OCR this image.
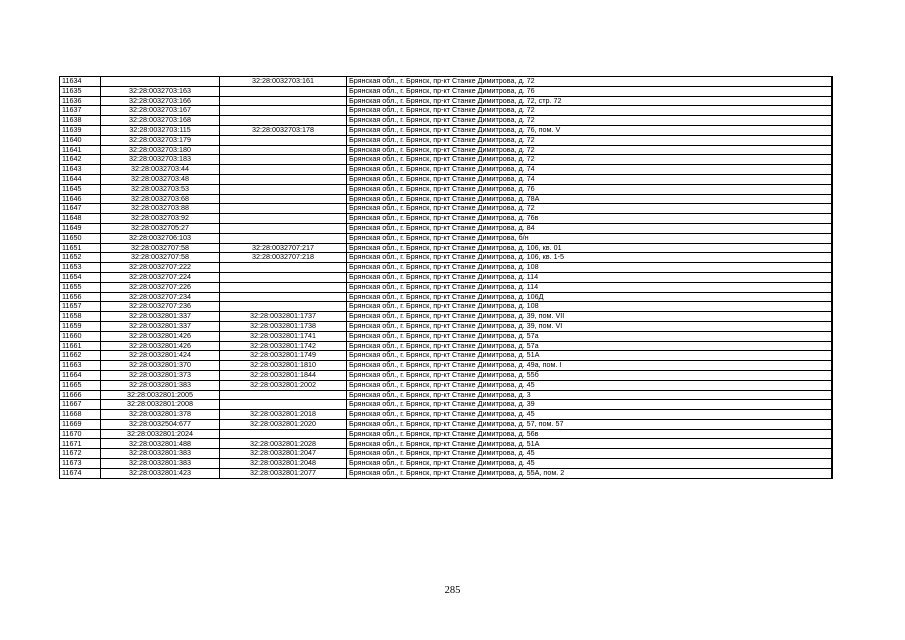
11634		32:28:0032703:161	Брянская обл., г. Брянск, пр-кт Станке Димитрова, д. 72
11635	32:28:0032703:163		Брянская обл., г. Брянск, пр-кт Станке Димитрова, д. 76
11636	32:28:0032703:166		Брянская обл., г. Брянск, пр-кт Станке Димитрова, д. 72, стр. 72
11637	32:28:0032703:167		Брянская обл., г. Брянск, пр-кт Станке Димитрова, д. 72
11638	32:28:0032703:168		Брянская обл., г. Брянск, пр-кт Станке Димитрова, д. 72
11639	32:28:0032703:115	32:28:0032703:178	Брянская обл., г. Брянск, пр-кт Станке Димитрова, д. 76, пом. V
11640	32:28:0032703:179		Брянская обл., г. Брянск, пр-кт Станке Димитрова, д. 72
11641	32:28:0032703:180		Брянская обл., г. Брянск, пр-кт Станке Димитрова, д. 72
11642	32:28:0032703:183		Брянская обл., г. Брянск, пр-кт Станке Димитрова, д. 72
11643	32:28:0032703:44		Брянская обл., г. Брянск, пр-кт Станке Димитрова, д. 74
11644	32:28:0032703:48		Брянская обл., г. Брянск, пр-кт Станке Димитрова, д. 74
11645	32:28:0032703:53		Брянская обл., г. Брянск, пр-кт Станке Димитрова, д. 76
11646	32:28:0032703:68		Брянская обл., г. Брянск, пр-кт Станке Димитрова, д. 78А
11647	32:28:0032703:88		Брянская обл., г. Брянск, пр-кт Станке Димитрова, д. 72
11648	32:28:0032703:92		Брянская обл., г. Брянск, пр-кт Станке Димитрова, д. 76в
11649	32:28:0032705:27		Брянская обл., г. Брянск, пр-кт Станке Димитрова, д. 84
11650	32:28:0032706:103		Брянская обл., г. Брянск, пр-кт Станке Димитрова, б/н
11651	32:28:0032707:58	32:28:0032707:217	Брянская обл., г. Брянск, пр-кт Станке Димитрова, д. 106, кв. 01
11652	32:28:0032707:58	32:28:0032707:218	Брянская обл., г. Брянск, пр-кт Станке Димитрова, д. 106, кв. 1-5
11653	32:28:0032707:222		Брянская обл., г. Брянск, пр-кт Станке Димитрова, д. 108
11654	32:28:0032707:224		Брянская обл., г. Брянск, пр-кт Станке Димитрова, д. 114
11655	32:28:0032707:226		Брянская обл., г. Брянск, пр-кт Станке Димитрова, д. 114
11656	32:28:0032707:234		Брянская обл., г. Брянск, пр-кт Станке Димитрова, д. 106Д
11657	32:28:0032707:236		Брянская обл., г. Брянск, пр-кт Станке Димитрова, д. 108
11658	32:28:0032801:337	32:28:0032801:1737	Брянская обл., г. Брянск, пр-кт Станке Димитрова, д. 39, пом. VII
11659	32:28:0032801:337	32:28:0032801:1738	Брянская обл., г. Брянск, пр-кт Станке Димитрова, д. 39, пом. VI
11660	32:28:0032801:426	32:28:0032801:1741	Брянская обл., г. Брянск, пр-кт Станке Димитрова, д. 57а
11661	32:28:0032801:426	32:28:0032801:1742	Брянская обл., г. Брянск, пр-кт Станке Димитрова, д. 57а
11662	32:28:0032801:424	32:28:0032801:1749	Брянская обл., г. Брянск, пр-кт Станке Димитрова, д. 51А
11663	32:28:0032801:370	32:28:0032801:1810	Брянская обл., г. Брянск, пр-кт Станке Димитрова, д. 49а, пом. I
11664	32:28:0032801:373	32:28:0032801:1844	Брянская обл., г. Брянск, пр-кт Станке Димитрова, д. 55б
11665	32:28:0032801:383	32:28:0032801:2002	Брянская обл., г. Брянск, пр-кт Станке Димитрова, д. 45
11666	32:28:0032801:2005		Брянская обл., г. Брянск, пр-кт Станке Димитрова, д. 3
11667	32:28:0032801:2008		Брянская обл., г. Брянск, пр-кт Станке Димитрова, д. 39
11668	32:28:0032801:378	32:28:0032801:2018	Брянская обл., г. Брянск, пр-кт Станке Димитрова, д. 45
11669	32:28:0032504:677	32:28:0032801:2020	Брянская обл., г. Брянск, пр-кт Станке Димитрова, д. 57, пом. 57
11670	32:28:0032801:2024		Брянская обл., г. Брянск, пр-кт Станке Димитрова, д. 56в
11671	32:28:0032801:488	32:28:0032801:2028	Брянская обл., г. Брянск, пр-кт Станке Димитрова, д. 51А
11672	32:28:0032801:383	32:28:0032801:2047	Брянская обл., г. Брянск, пр-кт Станке Димитрова, д. 45
11673	32:28:0032801:383	32:28:0032801:2048	Брянская обл., г. Брянск, пр-кт Станке Димитрова, д. 45
11674	32:28:0032801:423	32:28:0032801:2077	Брянская обл., г. Брянск, пр-кт Станке Димитрова, д. 55А, пом. 2
285
